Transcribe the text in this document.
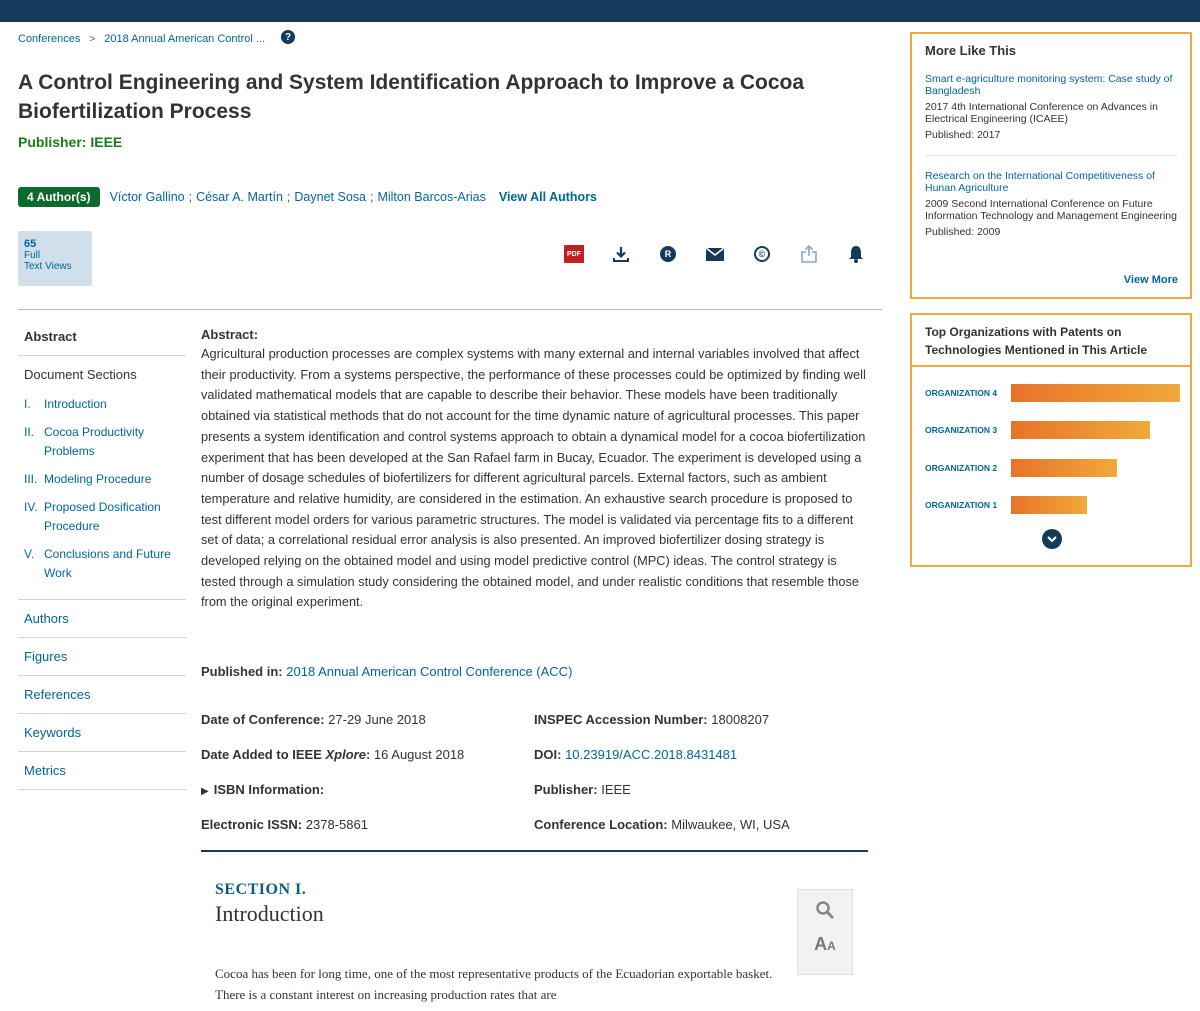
Conferences > 2018 Annual American Control ...	?
A Control Engineering and System Identification Approach to Improve a Cocoa Biofertilization Process
Publisher: IEEE
4 Author(s)	Víctor Gallino ; César A. Martín ; Daynet Sosa ; Milton Barcos-Arias View All Authors
65
Full
Text Views
PDF	R	©
Abstract
Document Sections
I.	Introduction
II. Cocoa Productivity Problems
III. Modeling Procedure
IV. Proposed Dosification Procedure
V. Conclusions and Future Work
Authors
Figures
References
Keywords
Metrics
Abstract:
Agricultural production processes are complex systems with many external and internal variables involved that affect their productivity. From a systems perspective, the performance of these processes could be optimized by finding well validated mathematical models that are capable to describe their behavior. These models have been traditionally obtained via statistical methods that do not account for the time dynamic nature of agricultural processes. This paper presents a system identification and control systems approach to obtain a dynamical model for a cocoa biofertilization experiment that has been developed at the San Rafael farm in Bucay, Ecuador. The experiment is developed using a number of dosage schedules of biofertilizers for different agricultural parcels. External factors, such as ambient temperature and relative humidity, are considered in the estimation. An exhaustive search procedure is proposed to test different model orders for various parametric structures. The model is validated via percentage fits to a different set of data; a correlational residual error analysis is also presented. An improved biofertilizer dosing strategy is developed relying on the obtained model and using model predictive control (MPC) ideas. The control strategy is tested through a simulation study considering the obtained model, and under realistic conditions that resemble those from the original experiment.
Published in: 2018 Annual American Control Conference (ACC)
Date of Conference: 27-29 June 2018	INSPEC Accession Number: 18008207
Date Added to IEEE Xplore: 16 August 2018	DOI: 10.23919/ACC.2018.8431481
▶ ISBN Information:	Publisher: IEEE
Electronic ISSN: 2378-5861	Conference Location: Milwaukee, WI, USA
SECTION I.
Introduction
Cocoa has been for long time, one of the most representative products of the Ecuadorian exportable basket. There is a constant interest on increasing production rates that are
AA
More Like This
Smart e-agriculture monitoring system: Case study of Bangladesh
2017 4th International Conference on Advances in Electrical Engineering (ICAEE)
Published: 2017
Research on the International Competitiveness of Hunan Agriculture
2009 Second International Conference on Future Information Technology and Management Engineering
Published: 2009
View More
Top Organizations with Patents on Technologies Mentioned in This Article
ORGANIZATION 4
ORGANIZATION 3
ORGANIZATION 2
ORGANIZATION 1
